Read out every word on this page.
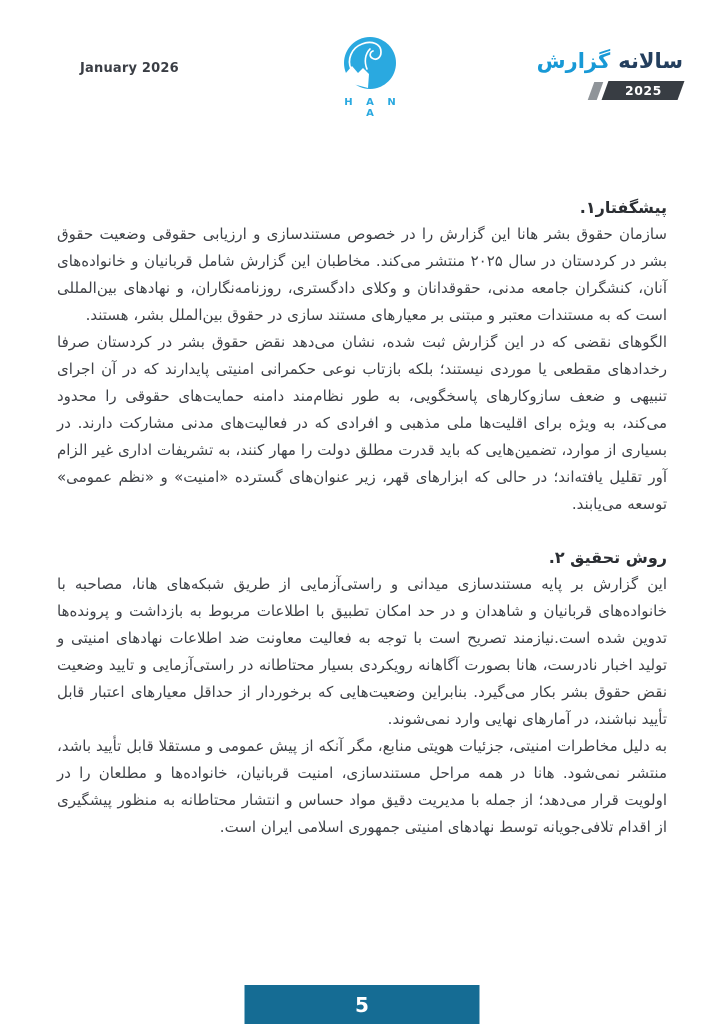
January 2026
H A N A
گزارش سالانه
2025
پیشگفتار۱.

سازمان حقوق بشر هانا این گزارش را در خصوص مستندسازی و ارزیابی حقوقی وضعیت حقوق بشر در کردستان در سال ۲۰۲۵ منتشر می‌کند. مخاطبان این گزارش شامل قربانیان و خانواده‌های آنان، کنشگران جامعه مدنی، حقوقدانان و وکلای دادگستری، روزنامه‌نگاران، و نهادهای بین‌المللی است که به مستندات معتبر و مبتنی بر معیارهای مستند سازی در حقوق بین‌الملل بشر، هستند.

الگوهای نقضی که در این گزارش ثبت شده، نشان می‌دهد نقض حقوق بشر در کردستان صرفا رخدادهای مقطعی یا موردی نیستند؛ بلکه بازتاب نوعی حکمرانی امنیتی پایدارند که در آن اجرای تنبیهی و ضعف سازوکارهای پاسخگویی، به طور نظام‌مند دامنه حمایت‌های حقوقی را محدود می‌کند، به ویژه برای اقلیت‌ها ملی مذهبی و افرادی که در فعالیت‌های مدنی مشارکت دارند. در بسیاری از موارد، تضمین‌هایی که باید قدرت مطلق دولت را مهار کنند، به تشریفات اداری غیر الزام آور تقلیل یافته‌اند؛ در حالی که ابزارهای قهر، زیر عنوان‌های گسترده «امنیت» و «نظم عمومی» توسعه می‌یابند.

روش تحقیق ۲.

این گزارش بر پایه مستندسازی میدانی و راستی‌آزمایی از طریق شبکه‌های هانا، مصاحبه با خانواده‌های قربانیان و شاهدان و در حد امکان تطبیق با اطلاعات مربوط به بازداشت و پرونده‌ها تدوین شده است.نیازمند تصریح است با توجه به فعالیت معاونت ضد اطلاعات نهادهای امنیتی و تولید اخبار نادرست، هانا بصورت آگاهانه رویکردی بسیار محتاطانه در راستی‌آزمایی و تایید وضعیت نقض حقوق بشر بکار می‌گیرد. بنابراین وضعیت‌هایی که برخوردار از حداقل معیارهای اعتبار قابل تأیید نباشند، در آمارهای نهایی وارد نمی‌شوند.

به دلیل مخاطرات امنیتی، جزئیات هویتی منابع، مگر آنکه از پیش عمومی و مستقلا قابل تأیید باشد، منتشر نمی‌شود. هانا در همه مراحل مستندسازی، امنیت قربانیان، خانواده‌ها و مطلعان را در اولویت قرار می‌دهد؛ از جمله با مدیریت دقیق مواد حساس و انتشار محتاطانه به منظور پیشگیری از اقدام تلافی‌جویانه توسط نهادهای امنیتی جمهوری اسلامی ایران است.

5
